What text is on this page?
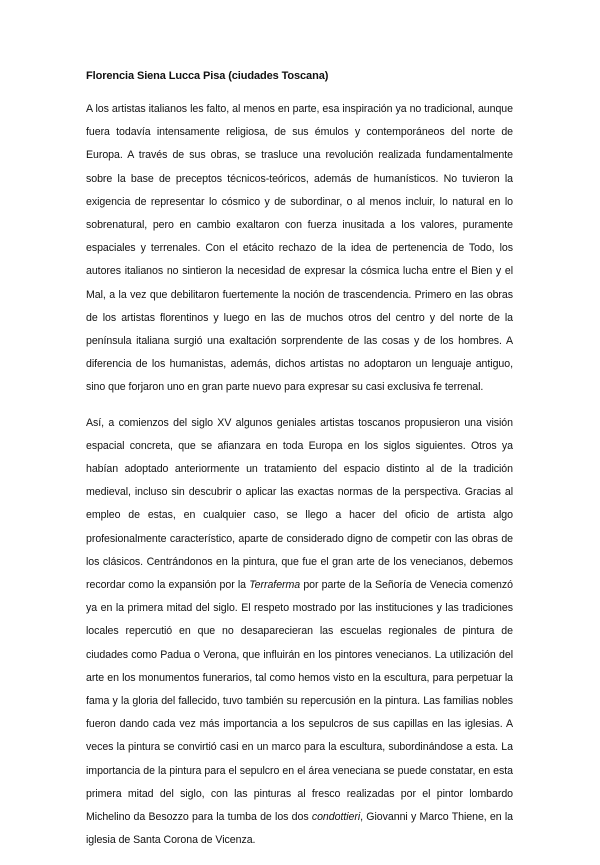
Florencia Siena Lucca Pisa (ciudades Toscana)

A los artistas italianos les falto, al menos en parte, esa inspiración ya no tradicional, aunque fuera todavía intensamente religiosa, de sus émulos y contemporáneos del norte de Europa. A través de sus obras, se trasluce una revolución realizada fundamentalmente sobre la base de preceptos técnicos-teóricos, además de humanísticos. No tuvieron la exigencia de representar lo cósmico y de subordinar, o al menos incluir, lo natural en lo sobrenatural, pero en cambio exaltaron con fuerza inusitada a los valores, puramente espaciales y terrenales. Con el etácito rechazo de la idea de pertenencia de Todo, los autores italianos no sintieron la necesidad de expresar la cósmica lucha entre el Bien y el Mal, a la vez que debilitaron fuertemente la noción de trascendencia. Primero en las obras de los artistas florentinos y luego en las de muchos otros del centro y del norte de la península italiana surgió una exaltación sorprendente de las cosas y de los hombres. A diferencia de los humanistas, además, dichos artistas no adoptaron un lenguaje antiguo, sino que forjaron uno en gran parte nuevo para expresar su casi exclusiva fe terrenal.

Así, a comienzos del siglo XV algunos geniales artistas toscanos propusieron una visión espacial concreta, que se afianzara en toda Europa en los siglos siguientes. Otros ya habían adoptado anteriormente un tratamiento del espacio distinto al de la tradición medieval, incluso sin descubrir o aplicar las exactas normas de la perspectiva. Gracias al empleo de estas, en cualquier caso, se llego a hacer del oficio de artista algo profesionalmente característico, aparte de considerado digno de competir con las obras de los clásicos. Centrándonos en la pintura, que fue el gran arte de los venecianos, debemos recordar como la expansión por la Terraferma por parte de la Señoría de Venecia comenzó ya en la primera mitad del siglo. El respeto mostrado por las instituciones y las tradiciones locales repercutió en que no desaparecieran las escuelas regionales de pintura de ciudades como Padua o Verona, que influirán en los pintores venecianos. La utilización del arte en los monumentos funerarios, tal como hemos visto en la escultura, para perpetuar la fama y la gloria del fallecido, tuvo también su repercusión en la pintura. Las familias nobles fueron dando cada vez más importancia a los sepulcros de sus capillas en las iglesias. A veces la pintura se convirtió casi en un marco para la escultura, subordinándose a esta. La importancia de la pintura para el sepulcro en el área veneciana se puede constatar, en esta primera mitad del siglo, con las pinturas al fresco realizadas por el pintor lombardo Michelino da Besozzo para la tumba de los dos condottieri, Giovanni y Marco Thiene, en la iglesia de Santa Corona de Vicenza.
